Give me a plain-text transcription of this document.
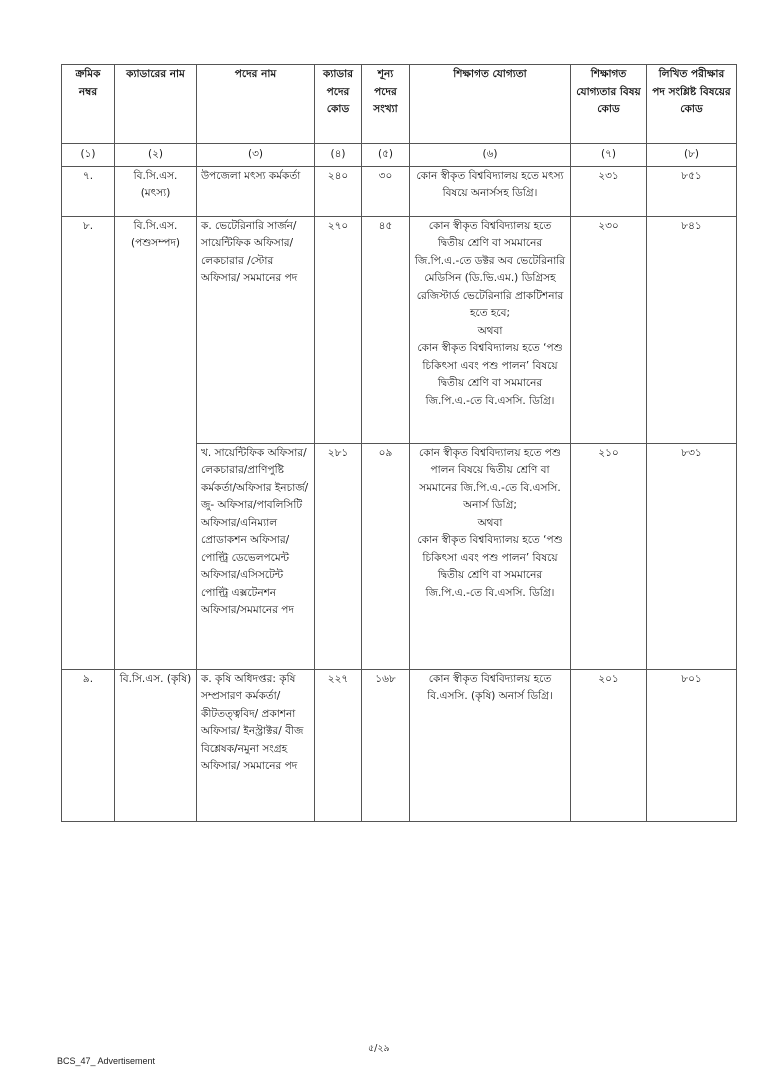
ক্রমিক নম্বর	ক্যাডারের নাম	পদের নাম	ক্যাডার পদের কোড	শূন্য পদের সংখ্যা	শিক্ষাগত যোগ্যতা	শিক্ষাগত যোগ্যতার বিষয় কোড	লিখিত পরীক্ষার পদ সংশ্লিষ্ট বিষয়ের কোড
(১)	(২)	(৩)	(৪)	(৫)	(৬)	(৭)	(৮)
৭.	বি.সি.এস. (মৎস্য)	উপজেলা মৎস্য কর্মকর্তা	২৪০	৩০	কোন স্বীকৃত বিশ্ববিদ্যালয় হতে মৎস্য বিষয়ে অনার্সসহ ডিগ্রি।	২৩১	৮৫১
৮.	বি.সি.এস. (পশুসম্পদ)	ক. ভেটেরিনারি সার্জন/সায়েন্টিফিক অফিসার/লেকচারার /স্টোর অফিসার/ সমমানের পদ	২৭০	৪৫	কোন স্বীকৃত বিশ্ববিদ্যালয় হতে দ্বিতীয় শ্রেণি বা সমমানের জি.পি.এ.-তে ডক্টর অব ভেটেরিনারি মেডিসিন (ডি.ভি.এম.) ডিগ্রিসহ রেজিস্টার্ড ভেটেরিনারি প্রাকটিশনার হতে হবে;
অথবা
কোন স্বীকৃত বিশ্ববিদ্যালয় হতে ‘পশু চিকিৎসা এবং পশু পালন’ বিষয়ে দ্বিতীয় শ্রেণি বা সমমানের জি.পি.এ.-তে বি.এসসি. ডিগ্রি।	২৩০	৮৪১
		খ. সায়েন্টিফিক অফিসার/ লেকচারার/প্রাণিপুষ্টি কর্মকর্তা/অফিসার ইনচার্জ/জু- অফিসার/পাবলিসিটি অফিসার/এনিম্যাল প্রোডাকশন অফিসার/ পোল্ট্রি ডেভেলপমেন্ট অফিসার/এসিসটেন্ট পোল্ট্রি এক্সটেনশন অফিসার/সমমানের পদ	২৮১	০৯	কোন স্বীকৃত বিশ্ববিদ্যালয় হতে পশু পালন বিষয়ে দ্বিতীয় শ্রেণি বা সমমানের জি.পি.এ.-তে বি.এসসি. অনার্স ডিগ্রি;
অথবা
কোন স্বীকৃত বিশ্ববিদ্যালয় হতে ‘পশু চিকিৎসা এবং পশু পালন’ বিষয়ে দ্বিতীয় শ্রেণি বা সমমানের জি.পি.এ.-তে বি.এসসি. ডিগ্রি।	২১০	৮৩১
৯.	বি.সি.এস. (কৃষি)	ক. কৃষি অধিদপ্তর: কৃষি সম্প্রসারণ কর্মকর্তা/ কীটতত্ত্ববিদ/ প্রকাশনা অফিসার/ ইনস্ট্রাক্টর/ বীজ বিশ্লেষক/নমুনা সংগ্রহ অফিসার/ সমমানের পদ	২২৭	১৬৮	কোন স্বীকৃত বিশ্ববিদ্যালয় হতে বি.এসসি. (কৃষি) অনার্স ডিগ্রি।	২০১	৮০১
৫/২৯
BCS_47_ Advertisement
